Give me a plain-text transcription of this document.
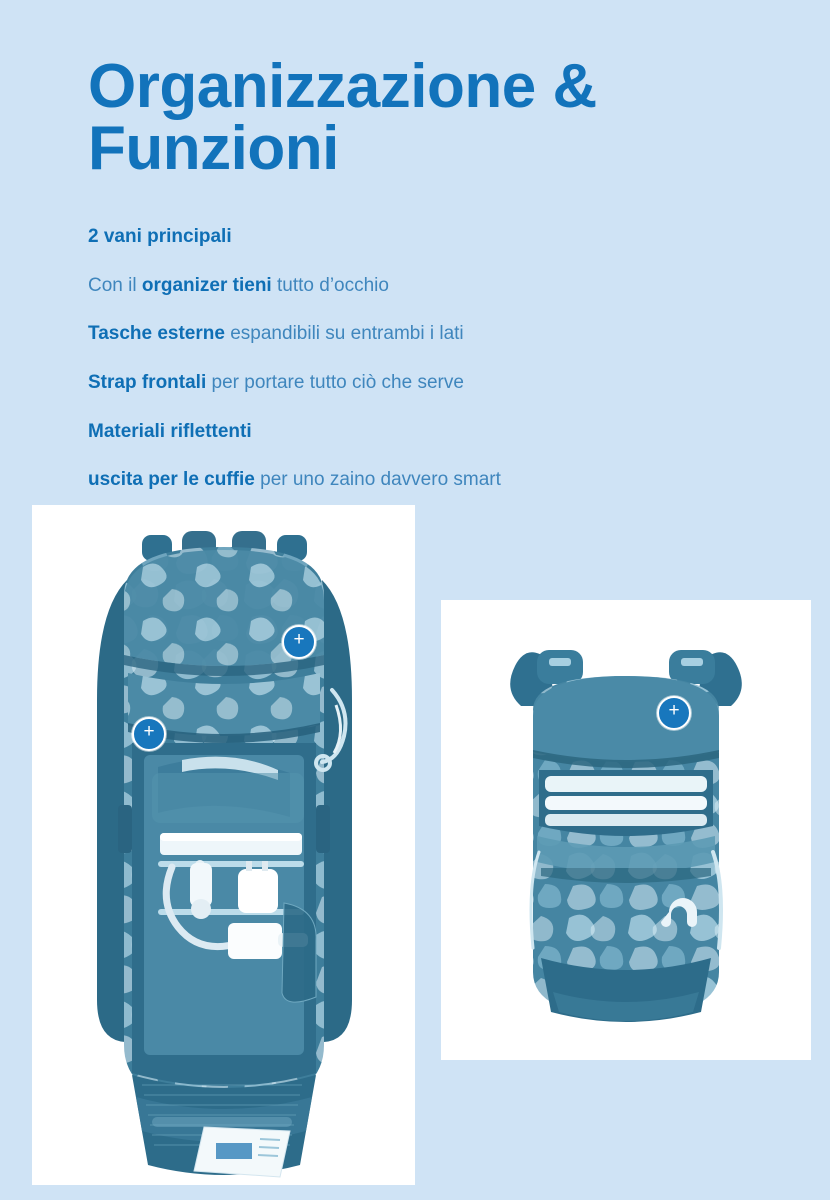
Organizzazione &
Funzioni

2 vani principali

Con il organizer tieni tutto d’occhio

Tasche esterne espandibili su entrambi i lati

Strap frontali per portare tutto ciò che serve

Materiali riflettenti

uscita per le cuffie per uno zaino davvero smart

+
+
+
